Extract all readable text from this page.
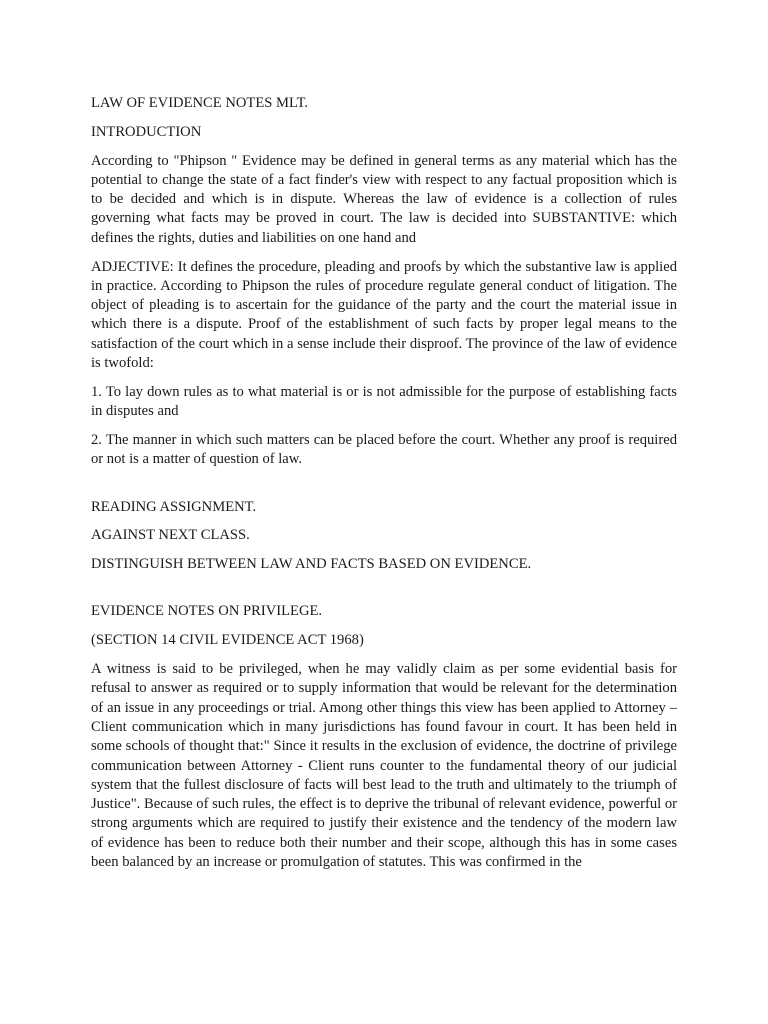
LAW OF EVIDENCE NOTES MLT.

INTRODUCTION

According to "Phipson " Evidence may be defined in general terms as any material which has the potential to change the state of a fact finder's view with respect to any factual proposition which is to be decided and which is in dispute. Whereas the law of evidence is a collection of rules governing what facts may be proved in court. The law is decided into SUBSTANTIVE: which defines the rights, duties and liabilities on one hand and

ADJECTIVE: It defines the procedure, pleading and proofs by which the substantive law is applied in practice. According to Phipson the rules of procedure regulate general conduct of litigation. The object of pleading is to ascertain for the guidance of the party and the court the material issue in which there is a dispute. Proof of the establishment of such facts by proper legal means to the satisfaction of the court which in a sense include their disproof. The province of the law of evidence is twofold:

1. To lay down rules as to what material is or is not admissible for the purpose of establishing facts in disputes and

2. The manner in which such matters can be placed before the court. Whether any proof is required or not is a matter of question of law.

READING ASSIGNMENT.

AGAINST NEXT CLASS.

DISTINGUISH BETWEEN LAW AND FACTS BASED ON EVIDENCE.

EVIDENCE NOTES ON PRIVILEGE.

(SECTION 14 CIVIL EVIDENCE ACT 1968)

A witness is said to be privileged, when he may validly claim as per some evidential basis for refusal to answer as required or to supply information that would be relevant for the determination of an issue in any proceedings or trial. Among other things this view has been applied to Attorney – Client communication which in many jurisdictions has found favour in court. It has been held in some schools of thought that:" Since it results in the exclusion of evidence, the doctrine of privilege communication between Attorney - Client runs counter to the fundamental theory of our judicial system that the fullest disclosure of facts will best lead to the truth and ultimately to the triumph of Justice". Because of such rules, the effect is to deprive the tribunal of relevant evidence, powerful or strong arguments which are required to justify their existence and the tendency of the modern law of evidence has been to reduce both their number and their scope, although this has in some cases been balanced by an increase or promulgation of statutes. This was confirmed in the
